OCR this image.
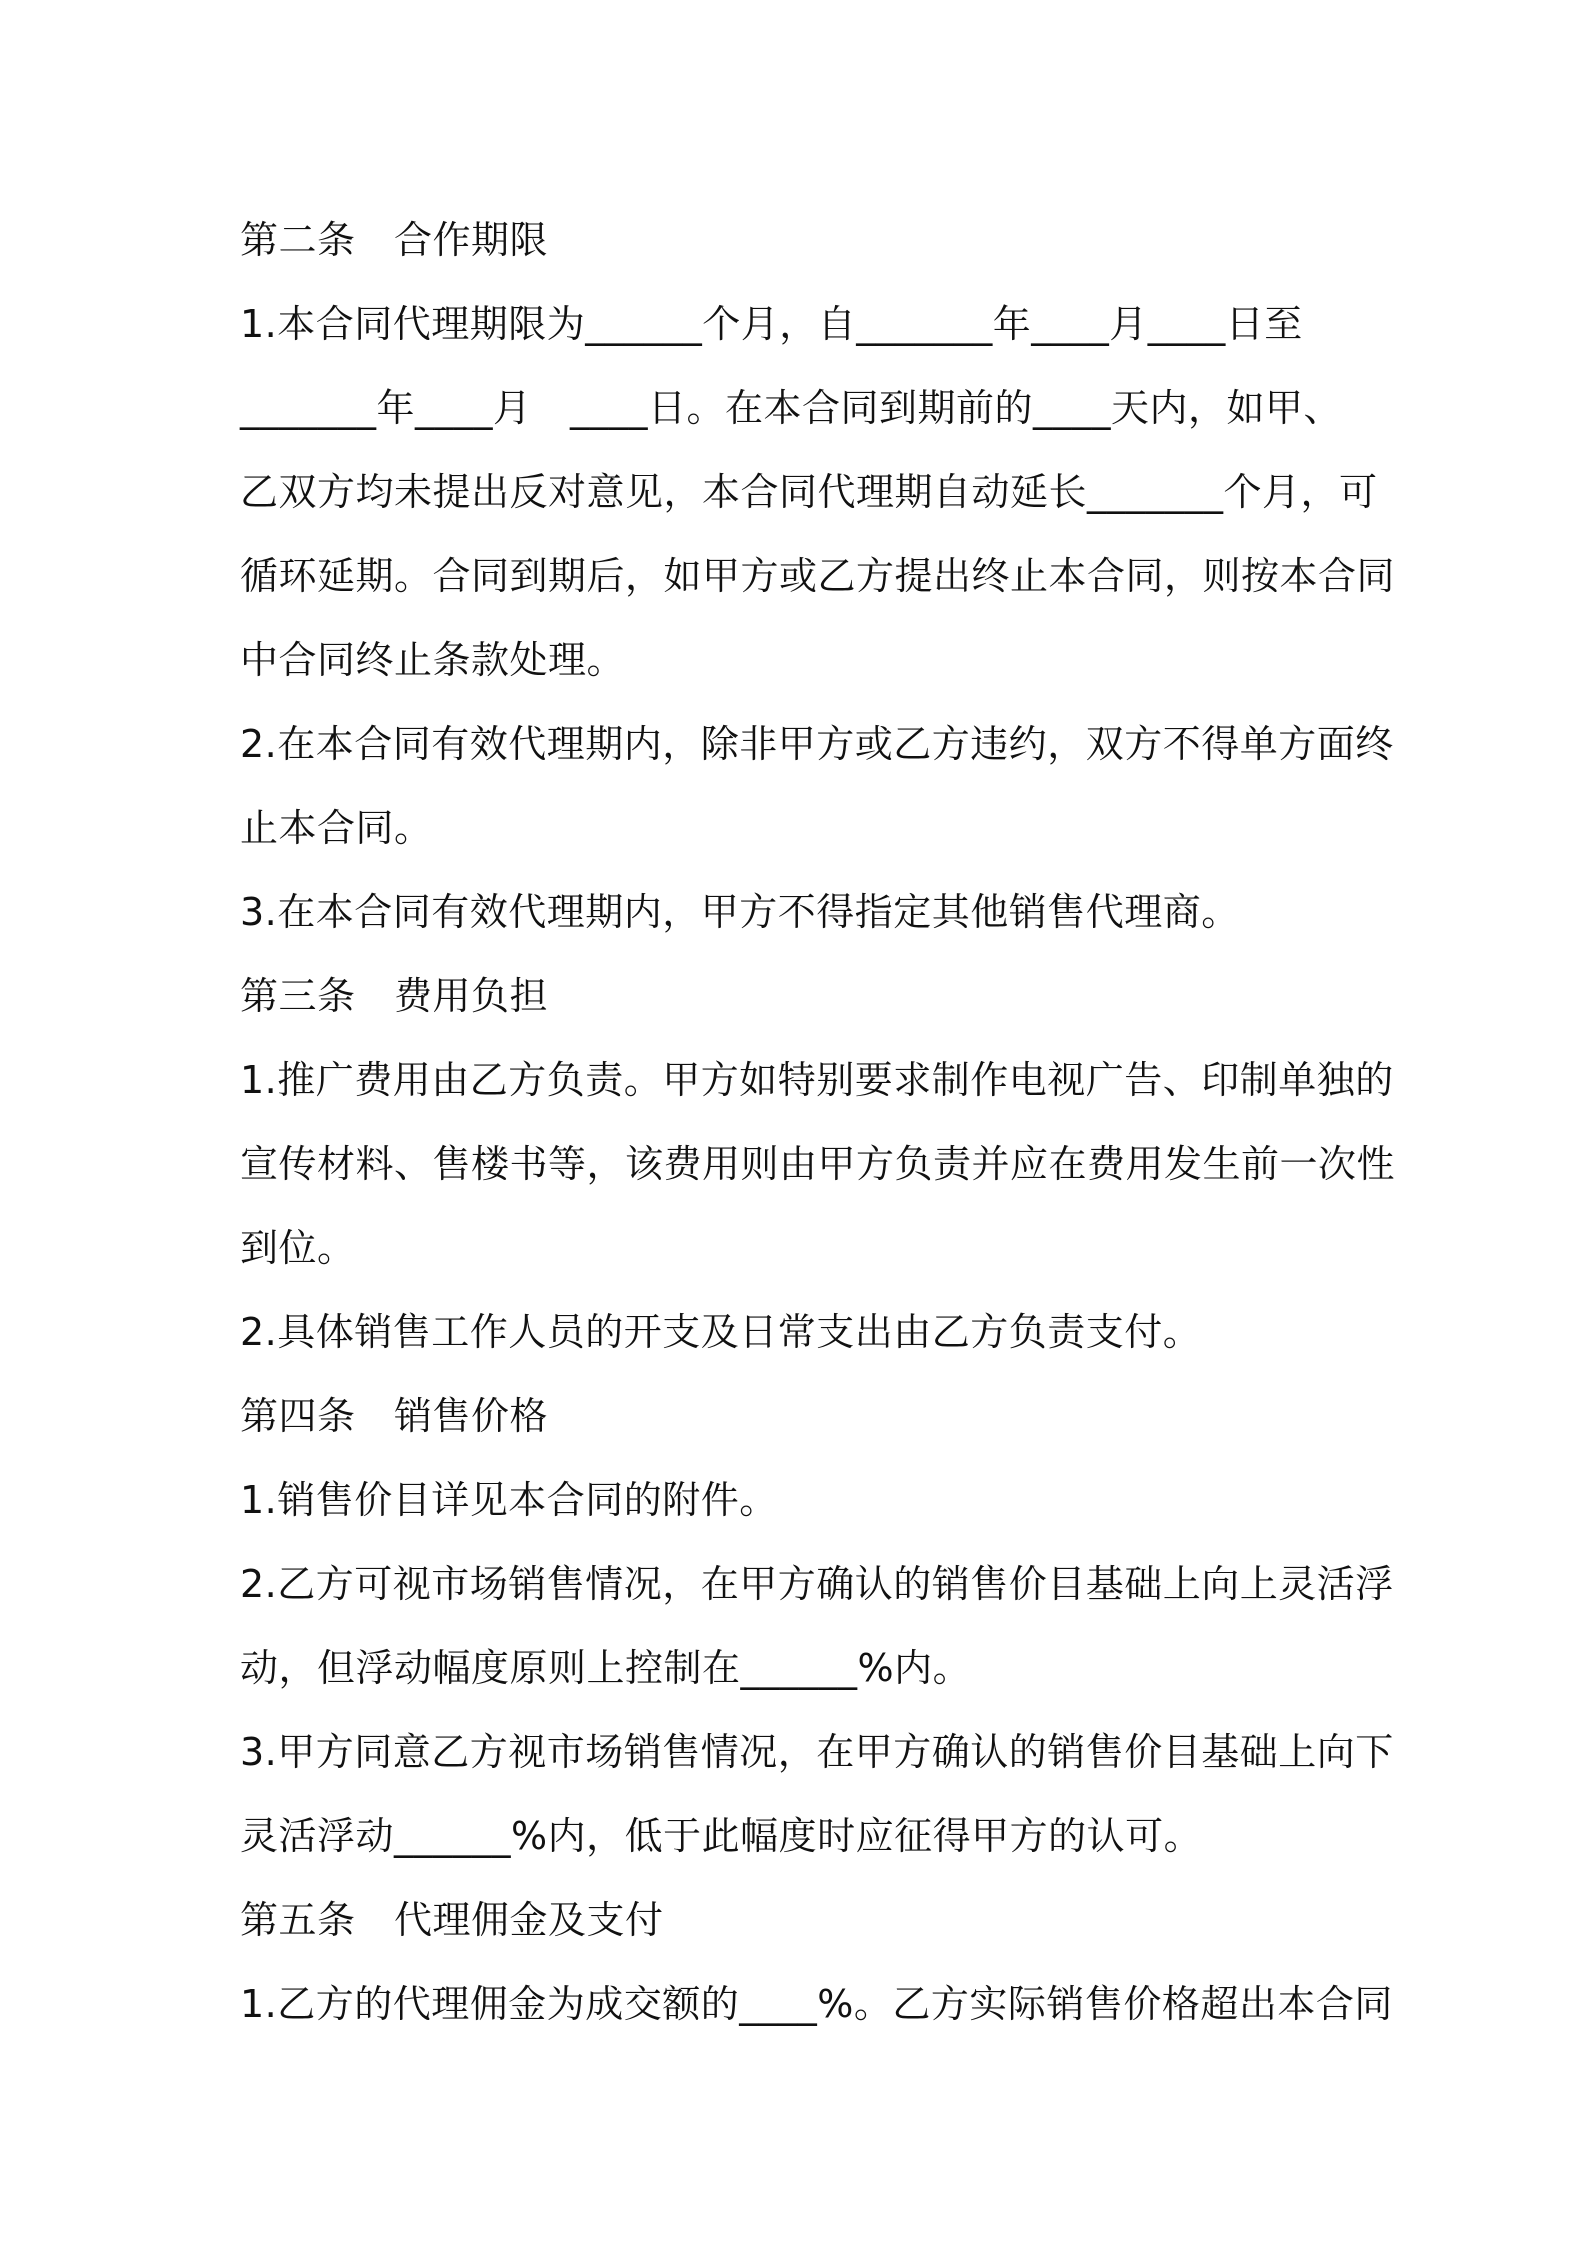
第二条　合作期限
1.本合同代理期限为______个月，自_______年____月____日至
_______年____月　____日。在本合同到期前的____天内，如甲、
乙双方均未提出反对意见，本合同代理期自动延长_______个月，可
循环延期。合同到期后，如甲方或乙方提出终止本合同，则按本合同
中合同终止条款处理。
2.在本合同有效代理期内，除非甲方或乙方违约，双方不得单方面终
止本合同。
3.在本合同有效代理期内，甲方不得指定其他销售代理商。
第三条　费用负担
1.推广费用由乙方负责。甲方如特别要求制作电视广告、印制单独的
宣传材料、售楼书等，该费用则由甲方负责并应在费用发生前一次性
到位。
2.具体销售工作人员的开支及日常支出由乙方负责支付。
第四条　销售价格
1.销售价目详见本合同的附件。
2.乙方可视市场销售情况，在甲方确认的销售价目基础上向上灵活浮
动，但浮动幅度原则上控制在______%内。
3.甲方同意乙方视市场销售情况，在甲方确认的销售价目基础上向下
灵活浮动______%内，低于此幅度时应征得甲方的认可。
第五条　代理佣金及支付
1.乙方的代理佣金为成交额的____%。乙方实际销售价格超出本合同
